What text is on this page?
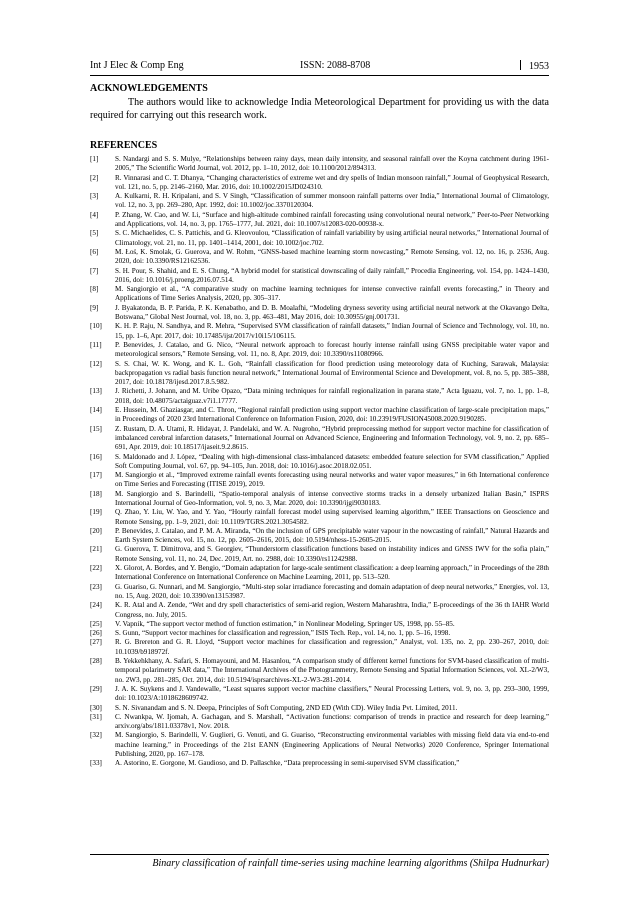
Int J Elec & Comp Eng	ISSN: 2088-8708	1953
ACKNOWLEDGEMENTS
The authors would like to acknowledge India Meteorological Department for providing us with the data required for carrying out this research work.
REFERENCES
[1] S. Nandargi and S. S. Mulye, “Relationships between rainy days, mean daily intensity, and seasonal rainfall over the Koyna catchment during 1961-2005,” The Scientific World Journal, vol. 2012, pp. 1–10, 2012, doi: 10.1100/2012/894313.
[2] R. Vinnarasi and C. T. Dhanya, “Changing characteristics of extreme wet and dry spells of Indian monsoon rainfall,” Journal of Geophysical Research, vol. 121, no. 5, pp. 2146–2160, Mar. 2016, doi: 10.1002/2015JD024310.
[3] A. Kulkarni, R. H. Kripalani, and S. V Singh, “Classification of summer monsoon rainfall patterns over India,” International Journal of Climatology, vol. 12, no. 3, pp. 269–280, Apr. 1992, doi: 10.1002/joc.3370120304.
[4] P. Zhang, W. Cao, and W. Li, “Surface and high-altitude combined rainfall forecasting using convolutional neural network,” Peer-to-Peer Networking and Applications, vol. 14, no. 3, pp. 1765–1777, Jul. 2021, doi: 10.1007/s12083-020-00938-x.
[5] S. C. Michaelides, C. S. Pattichis, and G. Kleovoulou, “Classification of rainfall variability by using artificial neural networks,” International Journal of Climatology, vol. 21, no. 11, pp. 1401–1414, 2001, doi: 10.1002/joc.702.
[6] M. Łoś, K. Smolak, G. Guerova, and W. Rohm, “GNSS-based machine learning storm nowcasting,” Remote Sensing, vol. 12, no. 16, p. 2536, Aug. 2020, doi: 10.3390/RS12162536.
[7] S. H. Pour, S. Shahid, and E. S. Chung, “A hybrid model for statistical downscaling of daily rainfall,” Procedia Engineering, vol. 154, pp. 1424–1430, 2016, doi: 10.1016/j.proeng.2016.07.514.
[8] M. Sangiorgio et al., “A comparative study on machine learning techniques for intense convective rainfall events forecasting,” in Theory and Applications of Time Series Analysis, 2020, pp. 305–317.
[9] J. Byakatonda, B. P. Parida, P. K. Kenabatho, and D. B. Moalafhi, “Modeling dryness severity using artificial neural network at the Okavango Delta, Botswana,” Global Nest Journal, vol. 18, no. 3, pp. 463–481, May 2016, doi: 10.30955/gnj.001731.
[10] K. H. P. Raju, N. Sandhya, and R. Mehra, “Supervised SVM classification of rainfall datasets,” Indian Journal of Science and Technology, vol. 10, no. 15, pp. 1–6, Apr. 2017, doi: 10.17485/ijst/2017/v10i15/106115.
[11] P. Benevides, J. Catalao, and G. Nico, “Neural network approach to forecast hourly intense rainfall using GNSS precipitable water vapor and meteorological sensors,” Remote Sensing, vol. 11, no. 8, Apr. 2019, doi: 10.3390/rs11080966.
[12] S. S. Chai, W. K. Wong, and K. L. Goh, “Rainfall classification for flood prediction using meteorology data of Kuching, Sarawak, Malaysia: backpropagation vs radial basis function neural network,” International Journal of Environmental Science and Development, vol. 8, no. 5, pp. 385–388, 2017, doi: 10.18178/ijesd.2017.8.5.982.
[13] J. Richetti, J. Johann, and M. Uribe Opazo, “Data mining techniques for rainfall regionalization in parana state,” Acta Iguazu, vol. 7, no. 1, pp. 1–8, 2018, doi: 10.48075/actaiguaz.v7i1.17777.
[14] E. Hussein, M. Ghaziasgar, and C. Thron, “Regional rainfall prediction using support vector machine classification of large-scale precipitation maps,” in Proceedings of 2020 23rd International Conference on Information Fusion, 2020, doi: 10.23919/FUSION45008.2020.9190285.
[15] Z. Rustam, D. A. Utami, R. Hidayat, J. Pandelaki, and W. A. Nugroho, “Hybrid preprocessing method for support vector machine for classification of imbalanced cerebral infarction datasets,” International Journal on Advanced Science, Engineering and Information Technology, vol. 9, no. 2, pp. 685–691, Apr. 2019, doi: 10.18517/ijaseit.9.2.8615.
[16] S. Maldonado and J. López, “Dealing with high-dimensional class-imbalanced datasets: embedded feature selection for SVM classification,” Applied Soft Computing Journal, vol. 67, pp. 94–105, Jun. 2018, doi: 10.1016/j.asoc.2018.02.051.
[17] M. Sangiorgio et al., “Improved extreme rainfall events forecasting using neural networks and water vapor measures,” in 6th International conference on Time Series and Forecasting (ITISE 2019), 2019.
[18] M. Sangiorgio and S. Barindelli, “Spatio-temporal analysis of intense convective storms tracks in a densely urbanized Italian Basin,” ISPRS International Journal of Geo-Information, vol. 9, no. 3, Mar. 2020, doi: 10.3390/ijgi9030183.
[19] Q. Zhao, Y. Liu, W. Yao, and Y. Yao, “Hourly rainfall forecast model using supervised learning algorithm,” IEEE Transactions on Geoscience and Remote Sensing, pp. 1–9, 2021, doi: 10.1109/TGRS.2021.3054582.
[20] P. Benevides, J. Catalao, and P. M. A. Miranda, “On the inclusion of GPS precipitable water vapour in the nowcasting of rainfall,” Natural Hazards and Earth System Sciences, vol. 15, no. 12, pp. 2605–2616, 2015, doi: 10.5194/nhess-15-2605-2015.
[21] G. Guerova, T. Dimitrova, and S. Georgiev, “Thunderstorm classification functions based on instability indices and GNSS IWV for the sofia plain,” Remote Sensing, vol. 11, no. 24, Dec. 2019, Art. no. 2988, doi: 10.3390/rs11242988.
[22] X. Glorot, A. Bordes, and Y. Bengio, “Domain adaptation for large-scale sentiment classification: a deep learning approach,” in Proceedings of the 28th International Conference on International Conference on Machine Learning, 2011, pp. 513–520.
[23] G. Guariso, G. Nunnari, and M. Sangiorgio, “Multi-step solar irradiance forecasting and domain adaptation of deep neural networks,” Energies, vol. 13, no. 15, Aug. 2020, doi: 10.3390/en13153987.
[24] K. R. Atal and A. Zende, “Wet and dry spell characteristics of semi-arid region, Western Maharashtra, India,” E-proceedings of the 36 th IAHR World Congress, no. July, 2015.
[25] V. Vapnik, “The support vector method of function estimation,” in Nonlinear Modeling, Springer US, 1998, pp. 55–85.
[26] S. Gunn, “Support vector machines for classification and regression,” ISIS Tech. Rep., vol. 14, no. 1, pp. 5–16, 1998.
[27] R. G. Brereton and G. R. Lloyd, “Support vector machines for classification and regression,” Analyst, vol. 135, no. 2, pp. 230–267, 2010, doi: 10.1039/b918972f.
[28] B. Yekkehkhany, A. Safari, S. Homayouni, and M. Hasanlou, “A comparison study of different kernel functions for SVM-based classification of multi-temporal polarimetry SAR data,” The International Archives of the Photogrammetry, Remote Sensing and Spatial Information Sciences, vol. XL-2/W3, no. 2W3, pp. 281–285, Oct. 2014, doi: 10.5194/isprsarchives-XL-2-W3-281-2014.
[29] J. A. K. Suykens and J. Vandewalle, “Least squares support vector machine classifiers,” Neural Processing Letters, vol. 9, no. 3, pp. 293–300, 1999, doi: 10.1023/A:1018628609742.
[30] S. N. Sivanandam and S. N. Deepa, Principles of Soft Computing, 2ND ED (With CD). Wiley India Pvt. Limited, 2011.
[31] C. Nwankpa, W. Ijomah, A. Gachagan, and S. Marshall, “Activation functions: comparison of trends in practice and research for deep learning,” arxiv.org/abs/1811.03378v1, Nov. 2018.
[32] M. Sangiorgio, S. Barindelli, V. Guglieri, G. Venuti, and G. Guariso, “Reconstructing environmental variables with missing field data via end-to-end machine learning,” in Proceedings of the 21st EANN (Engineering Applications of Neural Networks) 2020 Conference, Springer International Publishing, 2020, pp. 167–178.
[33] A. Astorino, E. Gorgone, M. Gaudioso, and D. Pallaschke, “Data preprocessing in semi-supervised SVM classification,”
Binary classification of rainfall time-series using machine learning algorithms (Shilpa Hudnurkar)
